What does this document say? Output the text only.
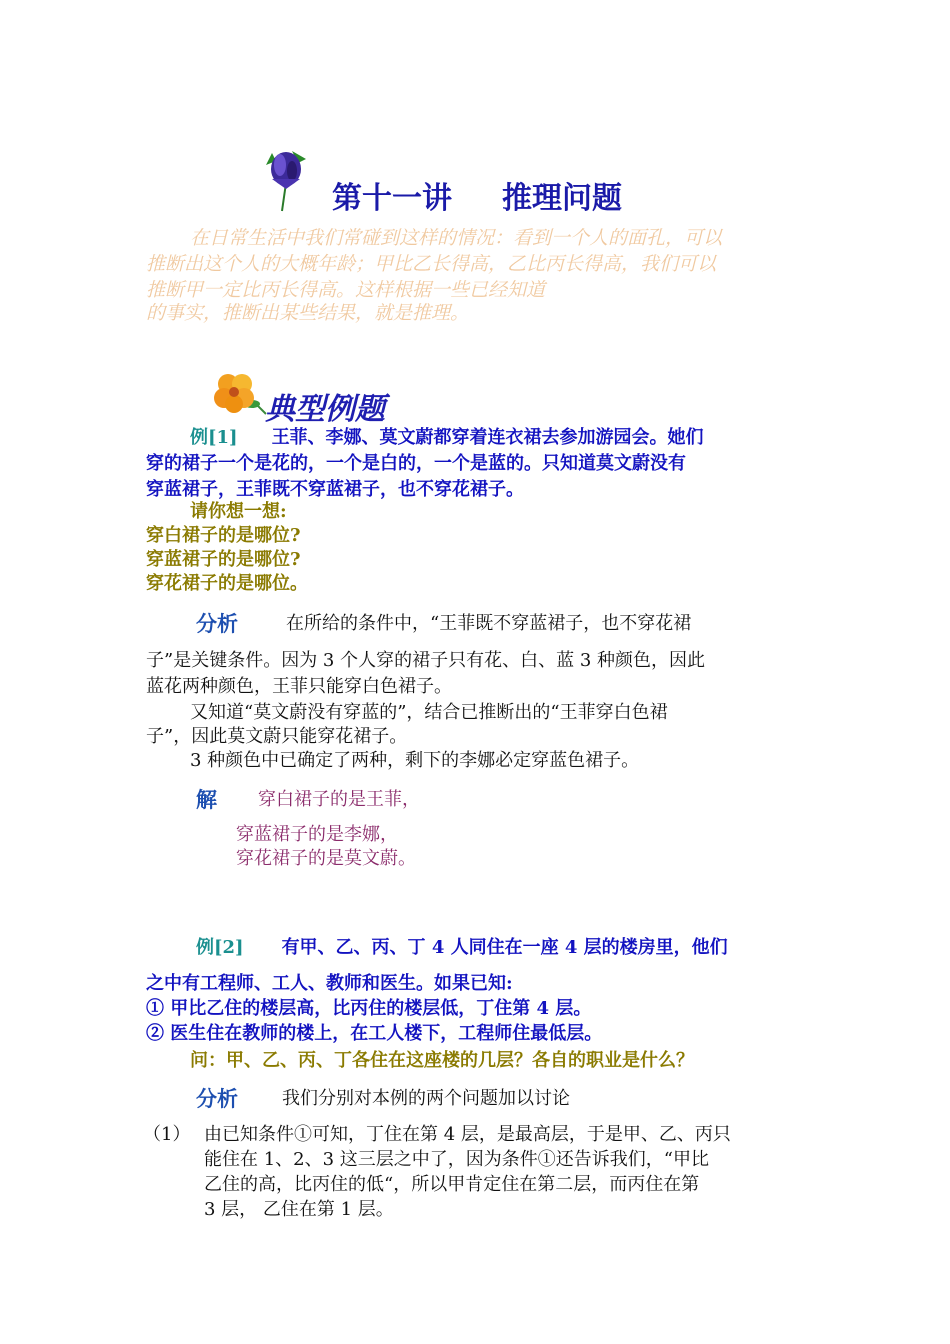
第十一讲 推理问题
在日常生活中我们常碰到这样的情况：看到一个人的面孔，可以
推断出这个人的大概年龄；甲比乙长得高，乙比丙长得高，我们可以
推断甲一定比丙长得高。这样根据一些已经知道
的事实，推断出某些结果，就是推理。
典型例题
例[1] 王菲、李娜、莫文蔚都穿着连衣裙去参加游园会。她们
穿的裙子一个是花的，一个是白的，一个是蓝的。只知道莫文蔚没有
穿蓝裙子，王菲既不穿蓝裙子，也不穿花裙子。
请你想一想:
穿白裙子的是哪位?
穿蓝裙子的是哪位?
穿花裙子的是哪位。
分析	在所给的条件中，“王菲既不穿蓝裙子，也不穿花裙
子”是关键条件。因为 3 个人穿的裙子只有花、白、蓝 3 种颜色，因此
蓝花两种颜色，王菲只能穿白色裙子。
又知道“莫文蔚没有穿蓝的”，结合已推断出的“王菲穿白色裙
子”，因此莫文蔚只能穿花裙子。
3 种颜色中已确定了两种，剩下的李娜必定穿蓝色裙子。
解 穿白裙子的是王菲，
穿蓝裙子的是李娜，
穿花裙子的是莫文蔚。
例[2] 有甲、乙、丙、丁 4 人同住在一座 4 层的楼房里，他们
之中有工程师、工人、教师和医生。如果已知:
① 甲比乙住的楼层高，比丙住的楼层低，丁住第 4 层。
② 医生住在教师的楼上，在工人楼下，工程师住最低层。
问：甲、乙、丙、丁各住在这座楼的几层？各自的职业是什么？
分析 我们分别对本例的两个问题加以讨论
（1） 由已知条件①可知，丁住在第 4 层，是最高层，于是甲、乙、丙只
能住在 1、2、3 这三层之中了，因为条件①还告诉我们，“甲比
乙住的高，比丙住的低“，所以甲肯定住在第二层，而丙住在第
3 层， 乙住在第 1 层。
